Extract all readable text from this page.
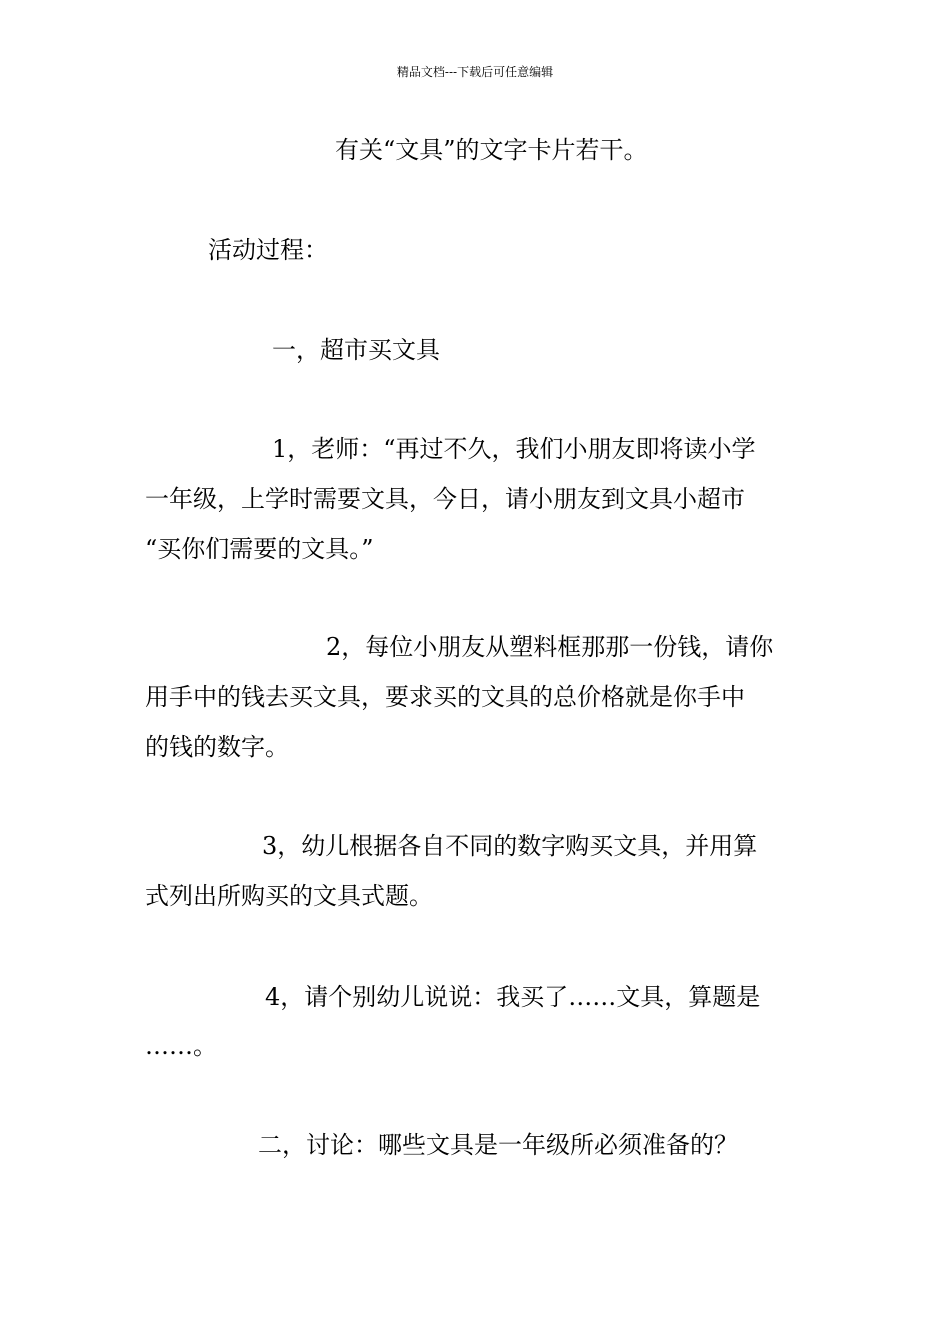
精品文档---下载后可任意编辑
有关“文具”的文字卡片若干。
活动过程：
一，超市买文具
1，老师：“再过不久，我们小朋友即将读小学
一年级，上学时需要文具，今日，请小朋友到文具小超市
“买你们需要的文具。”
2，每位小朋友从塑料框那那一份钱，请你
用手中的钱去买文具，要求买的文具的总价格就是你手中
的钱的数字。
3，幼儿根据各自不同的数字购买文具，并用算
式列出所购买的文具式题。
4，请个别幼儿说说：我买了……文具，算题是
……。
二，讨论：哪些文具是一年级所必须准备的？
